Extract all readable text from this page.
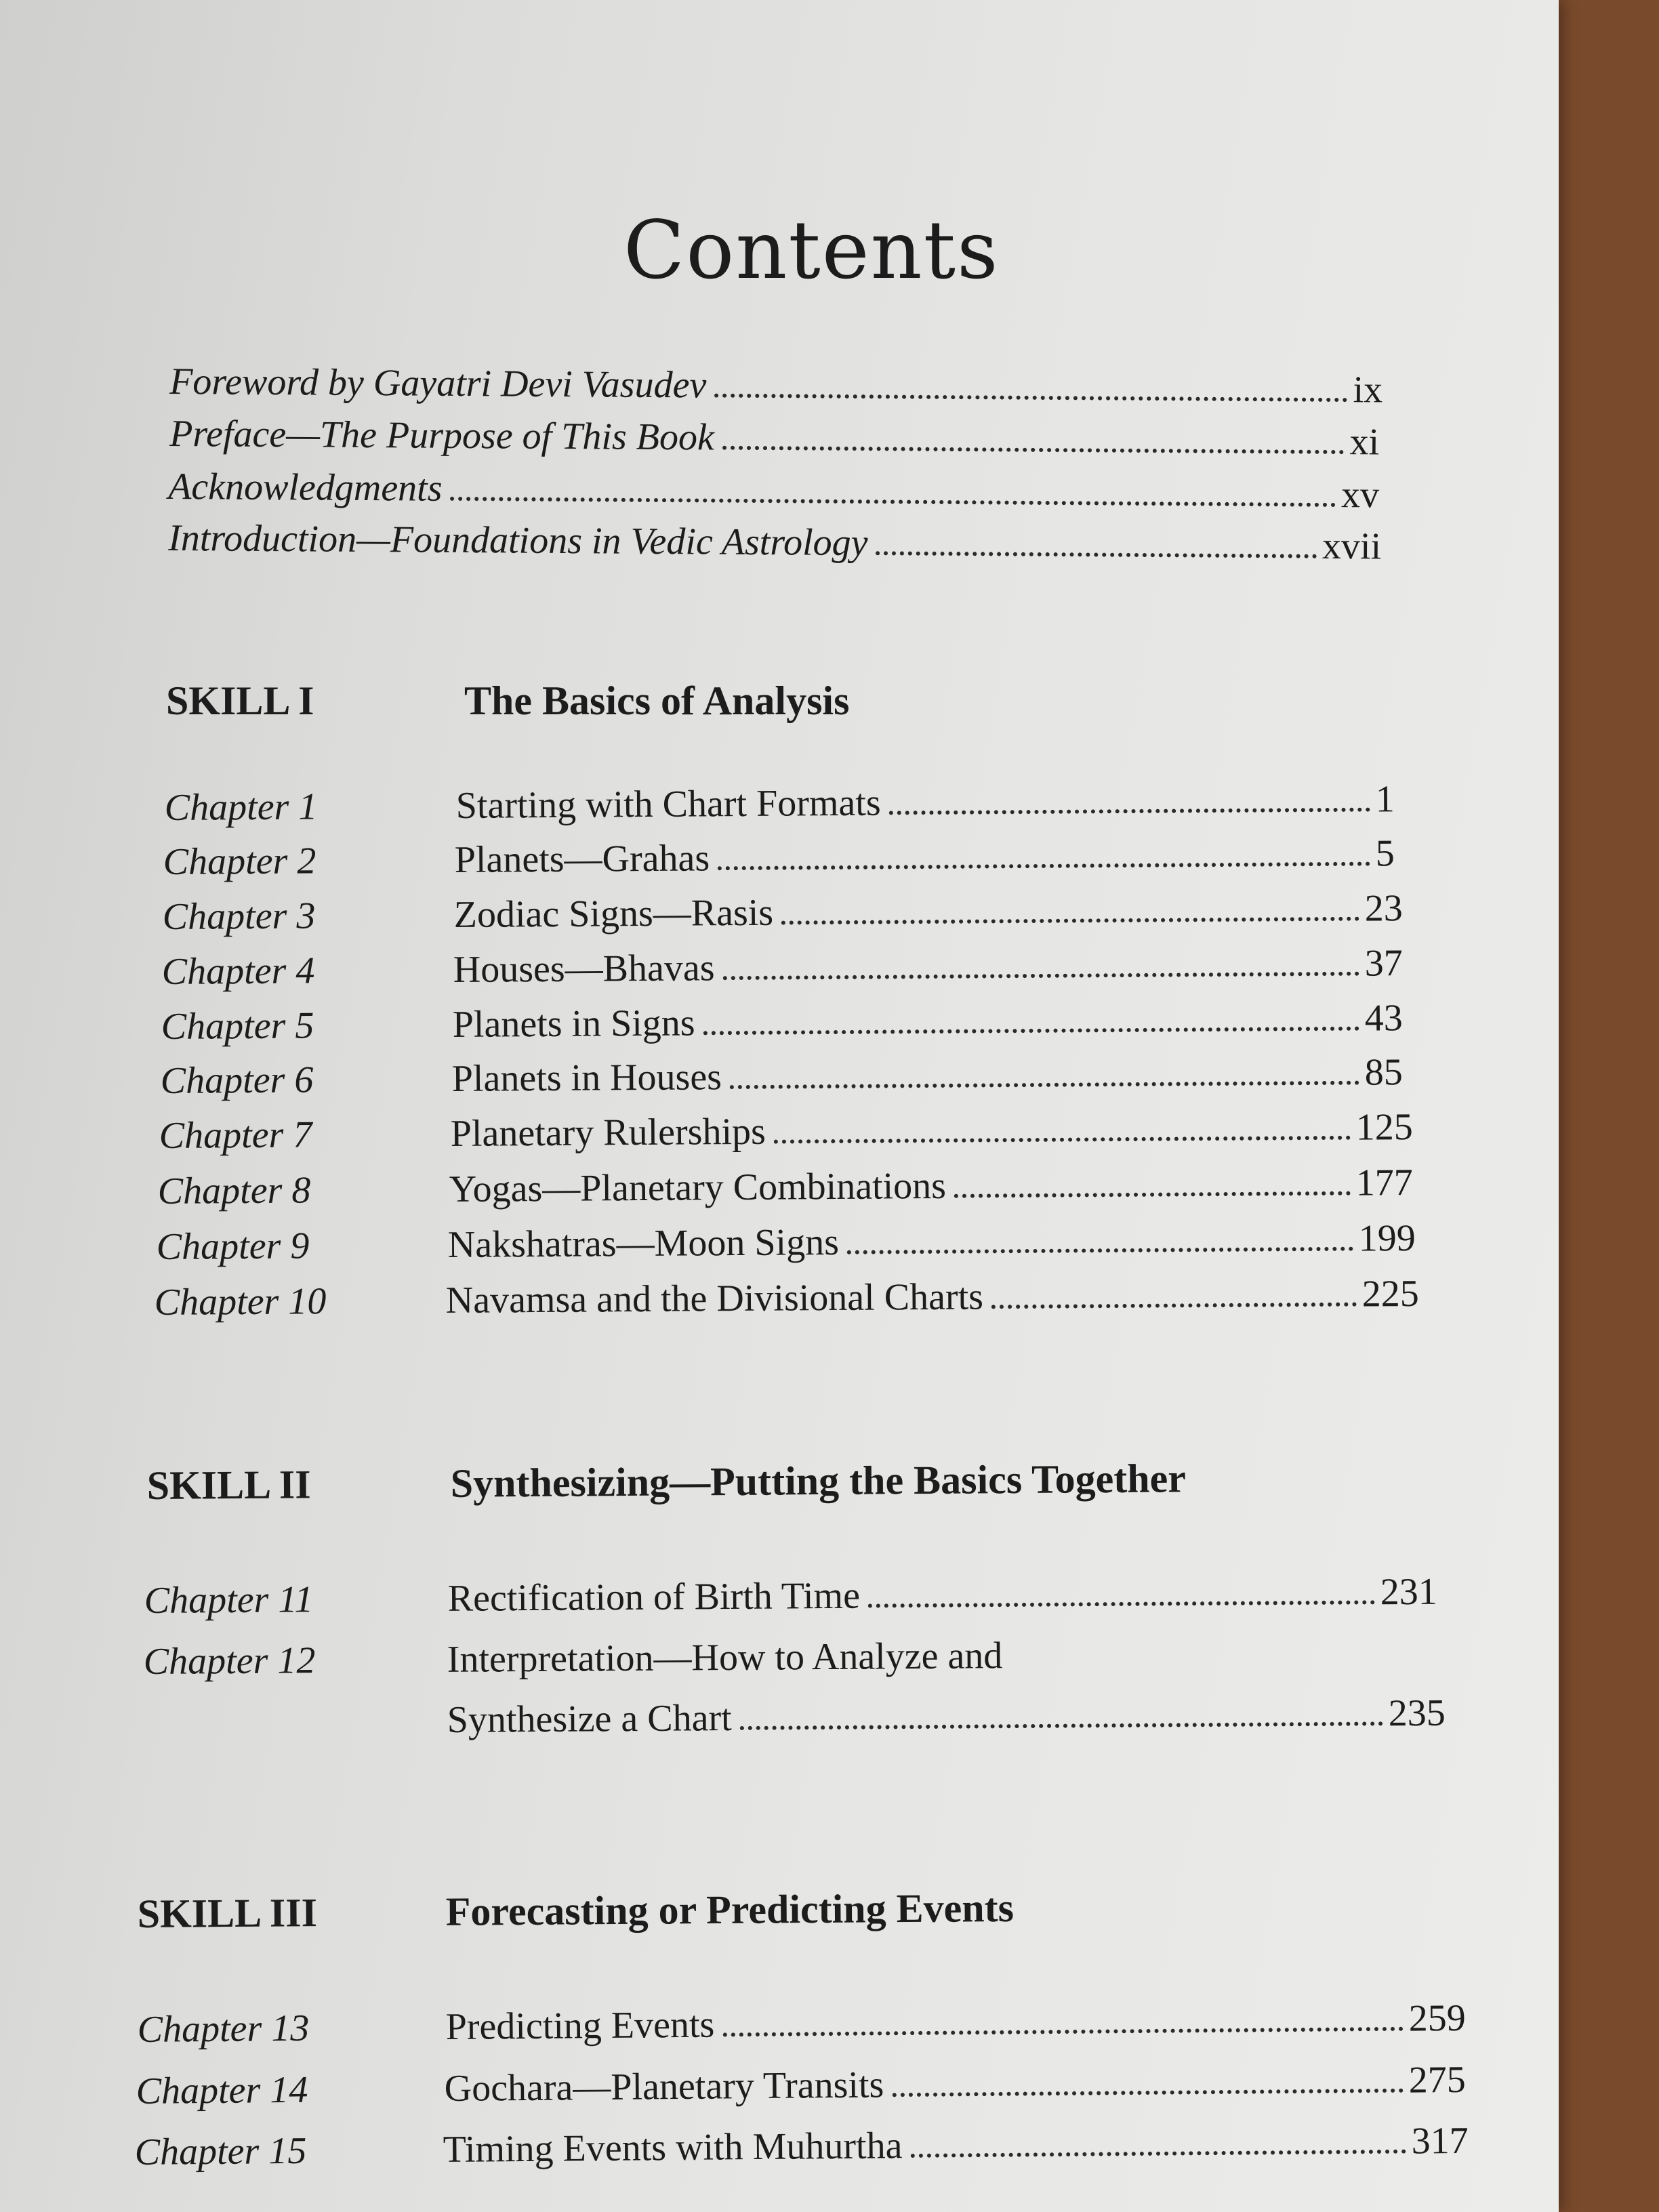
Contents
Foreword by Gayatri Devi Vasudev	ix
Preface—The Purpose of This Book	xi
Acknowledgments	xv
Introduction—Foundations in Vedic Astrology	xvii
SKILL I	The Basics of Analysis
Chapter 1	Starting with Chart Formats	1
Chapter 2	Planets—Grahas	5
Chapter 3	Zodiac Signs—Rasis	23
Chapter 4	Houses—Bhavas	37
Chapter 5	Planets in Signs	43
Chapter 6	Planets in Houses	85
Chapter 7	Planetary Rulerships	125
Chapter 8	Yogas—Planetary Combinations	177
Chapter 9	Nakshatras—Moon Signs	199
Chapter 10	Navamsa and the Divisional Charts	225
SKILL II	Synthesizing—Putting the Basics Together
Chapter 11	Rectification of Birth Time	231
Chapter 12	Interpretation—How to Analyze and
Synthesize a Chart	235
SKILL III	Forecasting or Predicting Events
Chapter 13	Predicting Events	259
Chapter 14	Gochara—Planetary Transits	275
Chapter 15	Timing Events with Muhurtha	317
